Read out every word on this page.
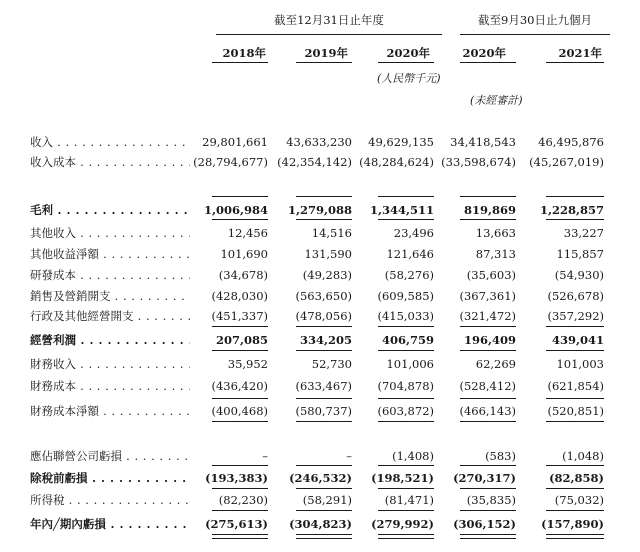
截至12月31日止年度	截至9月30日止九個月
2018年	2019年	2020年	2020年	2021年
(人民幣千元)
(未經審計)
收入 . . .	29,801,661	43,633,230	49,629,135	34,418,543	46,495,876
收入成本 . . .	(28,794,677) (42,354,142) (48,284,624) (33,598,674)	(45,267,019)
毛利 . . .	1,006,984	1,279,088	1,344,511	819,869	1,228,857
其他收入 . . .	12,456	14,516	23,496	13,663	33,227
其他收益淨額 . . .	101,690	131,590	121,646	87,313	115,857
研發成本 . . .	(34,678)	(49,283)	(58,276)	(35,603)	(54,930)
銷售及營銷開支 . . .	(428,030)	(563,650)	(609,585)	(367,361)	(526,678)
行政及其他經營開支 . . .	(451,337)	(478,056)	(415,033)	(321,472)	(357,292)
經營利潤 . . .	207,085	334,205	406,759	196,409	439,041
財務收入 . . .	35,952	52,730	101,006	62,269	101,003
財務成本 . . .	(436,420)	(633,467)	(704,878)	(528,412)	(621,854)
財務成本淨額 . . .	(400,468)	(580,737)	(603,872)	(466,143)	(520,851)
應佔聯營公司虧損 . . .	–	–	(1,408)	(583)	(1,048)
除稅前虧損 . . .	(193,383)	(246,532)	(198,521)	(270,317)	(82,858)
所得稅 . . .	(82,230)	(58,291)	(81,471)	(35,835)	(75,032)
年內╱期內虧損 . . .	(275,613)	(304,823)	(279,992)	(306,152)	(157,890)
